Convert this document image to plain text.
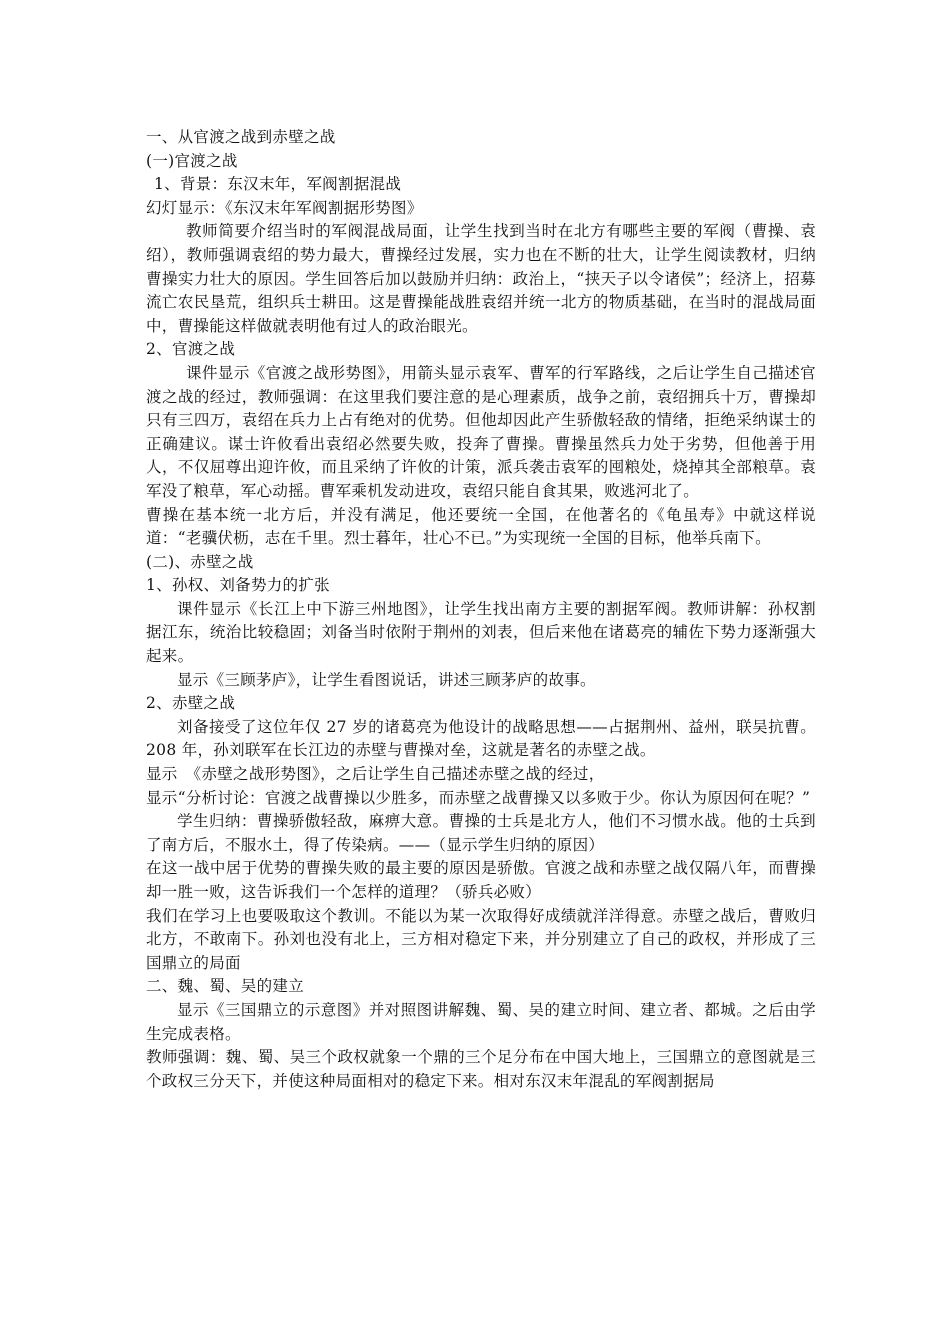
一、从官渡之战到赤壁之战

(一)官渡之战

1、背景：东汉末年，军阀割据混战

幻灯显示：《东汉末年军阀割据形势图》

教师简要介绍当时的军阀混战局面，让学生找到当时在北方有哪些主要的军阀（曹操、袁绍），教师强调袁绍的势力最大，曹操经过发展，实力也在不断的壮大，让学生阅读教材，归纳曹操实力壮大的原因。学生回答后加以鼓励并归纳：政治上，“挟天子以令诸侯”；经济上，招募流亡农民垦荒，组织兵士耕田。这是曹操能战胜袁绍并统一北方的物质基础，在当时的混战局面中，曹操能这样做就表明他有过人的政治眼光。

2、官渡之战

课件显示《官渡之战形势图》，用箭头显示袁军、曹军的行军路线，之后让学生自己描述官渡之战的经过，教师强调：在这里我们要注意的是心理素质，战争之前，袁绍拥兵十万，曹操却只有三四万，袁绍在兵力上占有绝对的优势。但他却因此产生骄傲轻敌的情绪，拒绝采纳谋士的正确建议。谋士许攸看出袁绍必然要失败，投奔了曹操。曹操虽然兵力处于劣势，但他善于用人，不仅屈尊出迎许攸，而且采纳了许攸的计策，派兵袭击袁军的囤粮处，烧掉其全部粮草。袁军没了粮草，军心动摇。曹军乘机发动进攻，袁绍只能自食其果，败逃河北了。

曹操在基本统一北方后，并没有满足，他还要统一全国，在他著名的《龟虽寿》中就这样说道：“老骥伏枥，志在千里。烈士暮年，壮心不已。”为实现统一全国的目标，他举兵南下。

(二)、赤壁之战

1、孙权、刘备势力的扩张

课件显示《长江上中下游三州地图》，让学生找出南方主要的割据军阀。教师讲解：孙权割据江东，统治比较稳固；刘备当时依附于荆州的刘表，但后来他在诸葛亮的辅佐下势力逐渐强大起来。

显示《三顾茅庐》，让学生看图说话，讲述三顾茅庐的故事。

2、赤壁之战

刘备接受了这位年仅 27 岁的诸葛亮为他设计的战略思想——占据荆州、益州，联吴抗曹。208 年，孙刘联军在长江边的赤壁与曹操对垒，这就是著名的赤壁之战。

显示　《赤壁之战形势图》，之后让学生自己描述赤壁之战的经过，

显示“分析讨论：官渡之战曹操以少胜多，而赤壁之战曹操又以多败于少。你认为原因何在呢？”

学生归纳：曹操骄傲轻敌，麻痹大意。曹操的士兵是北方人，他们不习惯水战。他的士兵到了南方后，不服水土，得了传染病。——（显示学生归纳的原因）

在这一战中居于优势的曹操失败的最主要的原因是骄傲。官渡之战和赤壁之战仅隔八年，而曹操却一胜一败，这告诉我们一个怎样的道理？（骄兵必败）

我们在学习上也要吸取这个教训。不能以为某一次取得好成绩就洋洋得意。赤壁之战后，曹败归北方，不敢南下。孙刘也没有北上，三方相对稳定下来，并分别建立了自己的政权，并形成了三国鼎立的局面

二、魏、蜀、吴的建立

显示《三国鼎立的示意图》并对照图讲解魏、蜀、吴的建立时间、建立者、都城。之后由学生完成表格。

教师强调：魏、蜀、吴三个政权就象一个鼎的三个足分布在中国大地上，三国鼎立的意图就是三个政权三分天下，并使这种局面相对的稳定下来。相对东汉末年混乱的军阀割据局
